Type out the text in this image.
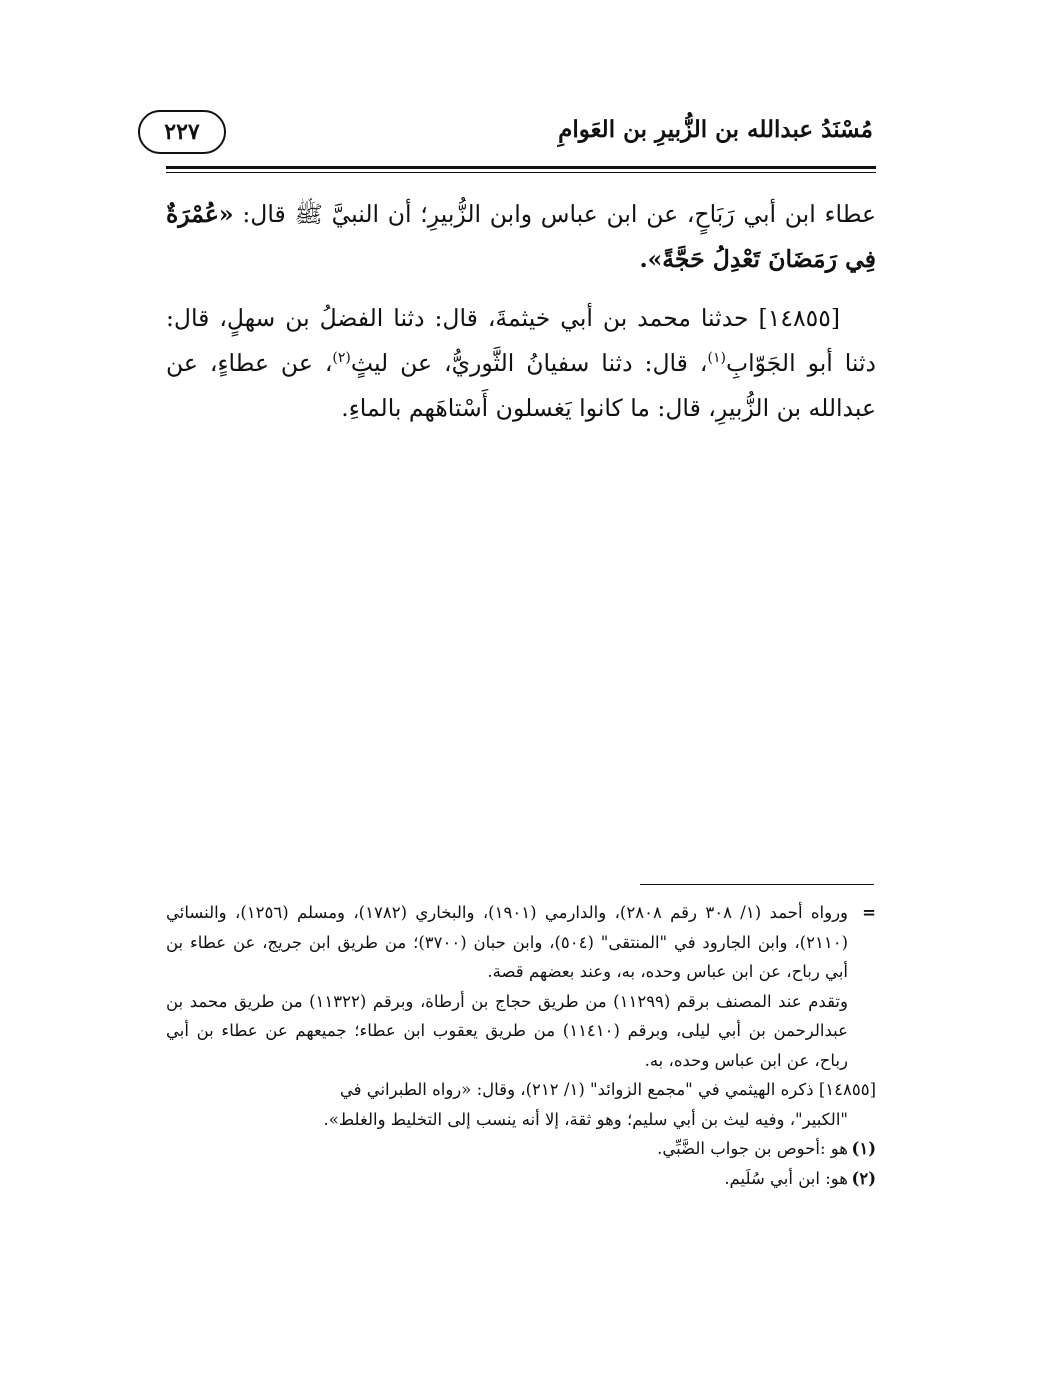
مُسْنَدُ عبدالله بن الزُّبيرِ بن العَوامِ
٢٢٧

عطاء ابن أبي رَبَاحٍ، عن ابن عباس وابن الزُّبيرِ؛ أن النبيَّ ﷺ قال: «عُمْرَةٌ فِي رَمَضَانَ تَعْدِلُ حَجَّةً».

[١٤٨٥٥] حدثنا محمد بن أبي خيثمةَ، قال: دثنا الفضلُ بن سهلٍ، قال: دثنا أبو الجَوّابِ$^{(١)}$، قال: دثنا سفيانُ الثَّوريُّ، عن ليثٍ$^{(٢)}$، عن عطاءٍ، عن عبدالله بن الزُّبيرِ، قال: ما كانوا يَغسلون أَسْتاهَهم بالماءِ.

=
ورواه أحمد (١/ ٣٠٨ رقم ٢٨٠٨)، والدارمي (١٩٠١)، والبخاري (١٧٨٢)، ومسلم (١٢٥٦)، والنسائي (٢١١٠)، وابن الجارود في "المنتقى" (٥٠٤)، وابن حبان (٣٧٠٠)؛ من طريق ابن جريج، عن عطاء بن أبي رباح، عن ابن عباس وحده، به، وعند بعضهم قصة.
وتقدم عند المصنف برقم (١١٢٩٩) من طريق حجاج بن أرطاة، وبرقم (١١٣٢٢) من طريق محمد بن عبدالرحمن بن أبي ليلى، وبرقم (١١٤١٠) من طريق يعقوب ابن عطاء؛ جميعهم عن عطاء بن أبي رباح، عن ابن عباس وحده، به.

[١٤٨٥٥] ذكره الهيثمي في "مجمع الزوائد" (١/ ٢١٢)، وقال: «رواه الطبراني في

"الكبير"، وفيه ليث بن أبي سليم؛ وهو ثقة، إلا أنه ينسب إلى التخليط والغلط».
(١)
هو :أحوص بن جواب الضَّبِّي.
(٢)
هو: ابن أبي سُلَيم.
